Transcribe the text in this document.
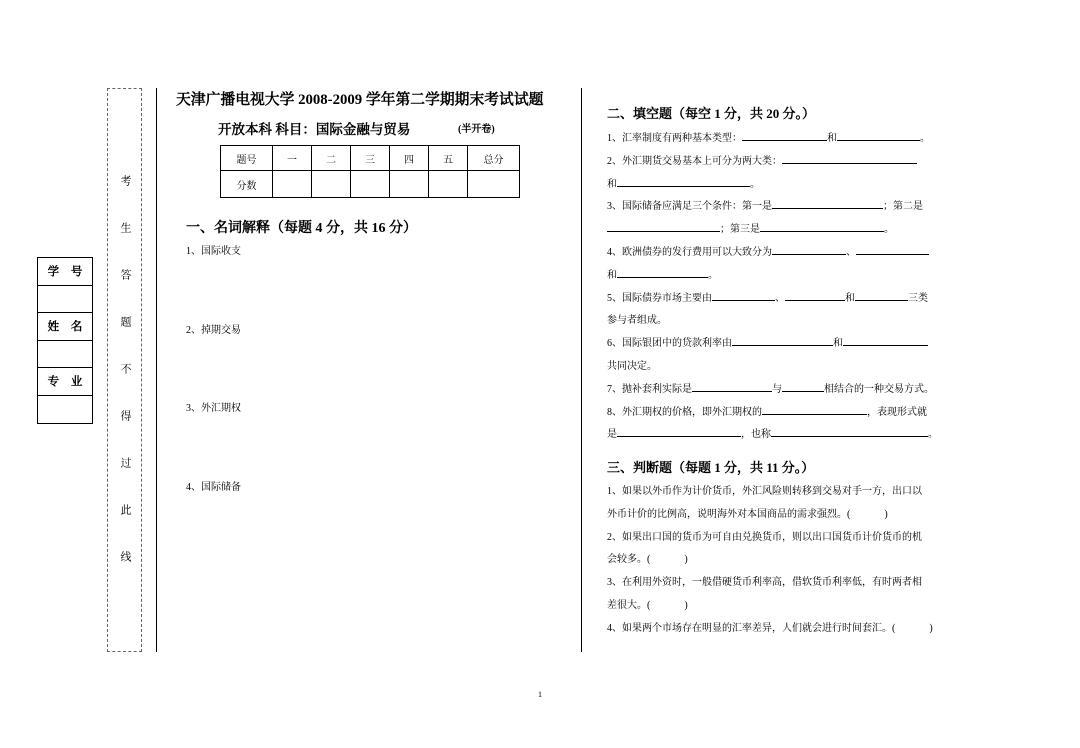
学 号
姓 名
专 业	考生答题不得过此线
天津广播电视大学 2008-2009 学年第二学期期末考试试题
开放本科 科目：国际金融与贸易	(半开卷)
题号	一	二	三	四	五	总分
分数						
一、名词解释（每题 4 分，共 16 分）
1、国际收支
2、掉期交易
3、外汇期权
4、国际储备
二、填空题（每空 1 分，共 20 分。）
1、汇率制度有两种基本类型：	和	。
2、外汇期货交易基本上可分为两大类：
和	。
3、国际储备应满足三个条件：第一是	；第二是
；第三是	。
4、欧洲债券的发行费用可以大致分为	、
和	。
5、国际债券市场主要由	、	和	三类
参与者组成。
6、国际银团中的贷款利率由	和
共同决定。
7、抛补套利实际是	与	相结合的一种交易方式。
8、外汇期权的价格，即外汇期权的	，表现形式就
是	，也称	。
三、判断题（每题 1 分，共 11 分。）
1、如果以外币作为计价货币，外汇风险则转移到交易对手一方，出口以
外币计价的比例高，说明海外对本国商品的需求强烈。(	)
2、如果出口国的货币为可自由兑换货币，则以出口国货币计价货币的机
会较多。(	)
3、在利用外资时，一般借硬货币利率高，借软货币利率低，有时两者相
差很大。(	)
4、如果两个市场存在明显的汇率差异，人们就会进行时间套汇。(	)
1
